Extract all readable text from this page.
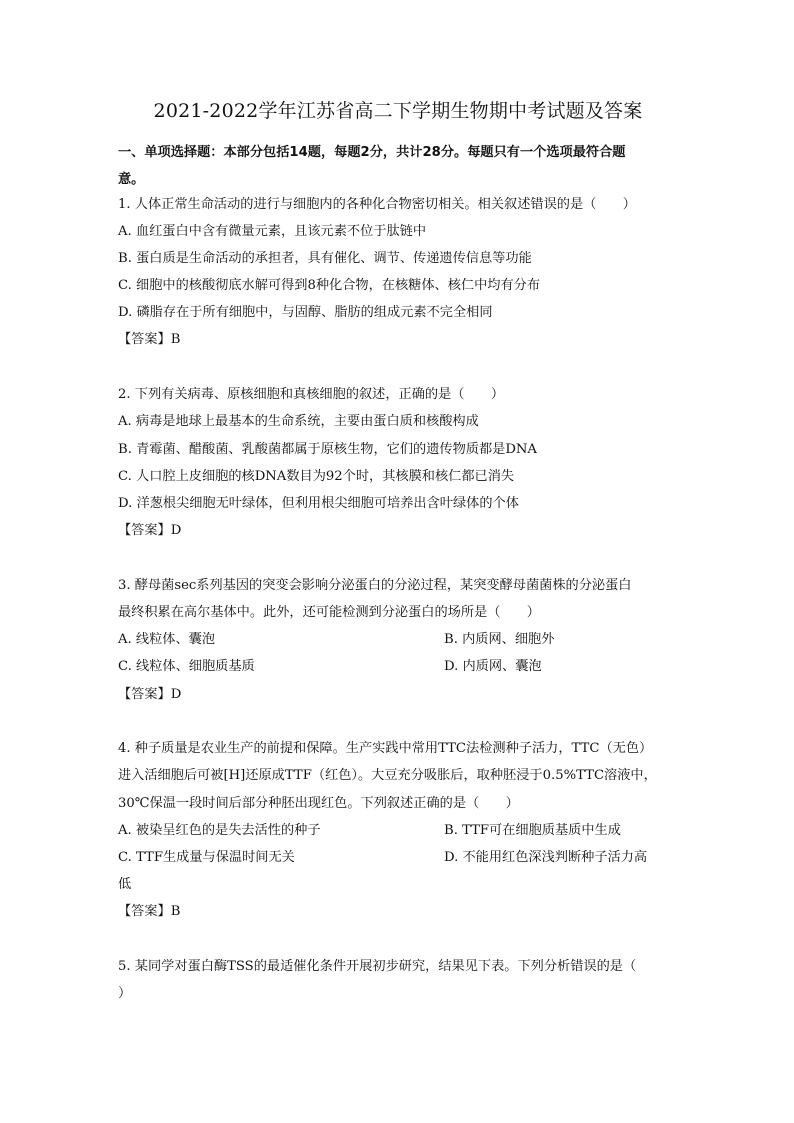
2021-2022学年江苏省高二下学期生物期中考试题及答案
一、单项选择题：本部分包括14题，每题2分，共计28分。每题只有一个选项最符合题
意。
1. 人体正常生命活动的进行与细胞内的各种化合物密切相关。相关叙述错误的是（　　）
A. 血红蛋白中含有微量元素，且该元素不位于肽链中
B. 蛋白质是生命活动的承担者，具有催化、调节、传递遗传信息等功能
C. 细胞中的核酸彻底水解可得到8种化合物，在核糖体、核仁中均有分布
D. 磷脂存在于所有细胞中，与固醇、脂肪的组成元素不完全相同
【答案】B
2. 下列有关病毒、原核细胞和真核细胞的叙述，正确的是（　　）
A. 病毒是地球上最基本的生命系统，主要由蛋白质和核酸构成
B. 青霉菌、醋酸菌、乳酸菌都属于原核生物，它们的遗传物质都是DNA
C. 人口腔上皮细胞的核DNA数目为92个时，其核膜和核仁都已消失
D. 洋葱根尖细胞无叶绿体，但利用根尖细胞可培养出含叶绿体的个体
【答案】D
3. 酵母菌sec系列基因的突变会影响分泌蛋白的分泌过程，某突变酵母菌菌株的分泌蛋白
最终积累在高尔基体中。此外，还可能检测到分泌蛋白的场所是（　　）
A. 线粒体、囊泡	B. 内质网、细胞外
C. 线粒体、细胞质基质	D. 内质网、囊泡
【答案】D
4. 种子质量是农业生产的前提和保障。生产实践中常用TTC法检测种子活力，TTC（无色）
进入活细胞后可被[H]还原成TTF（红色）。大豆充分吸胀后，取种胚浸于0.5%TTC溶液中，
30℃保温一段时间后部分种胚出现红色。下列叙述正确的是（　　）
A. 被染呈红色的是失去活性的种子	B. TTF可在细胞质基质中生成
C. TTF生成量与保温时间无关	D. 不能用红色深浅判断种子活力高
低
【答案】B
5. 某同学对蛋白酶TSS的最适催化条件开展初步研究，结果见下表。下列分析错误的是（
）
